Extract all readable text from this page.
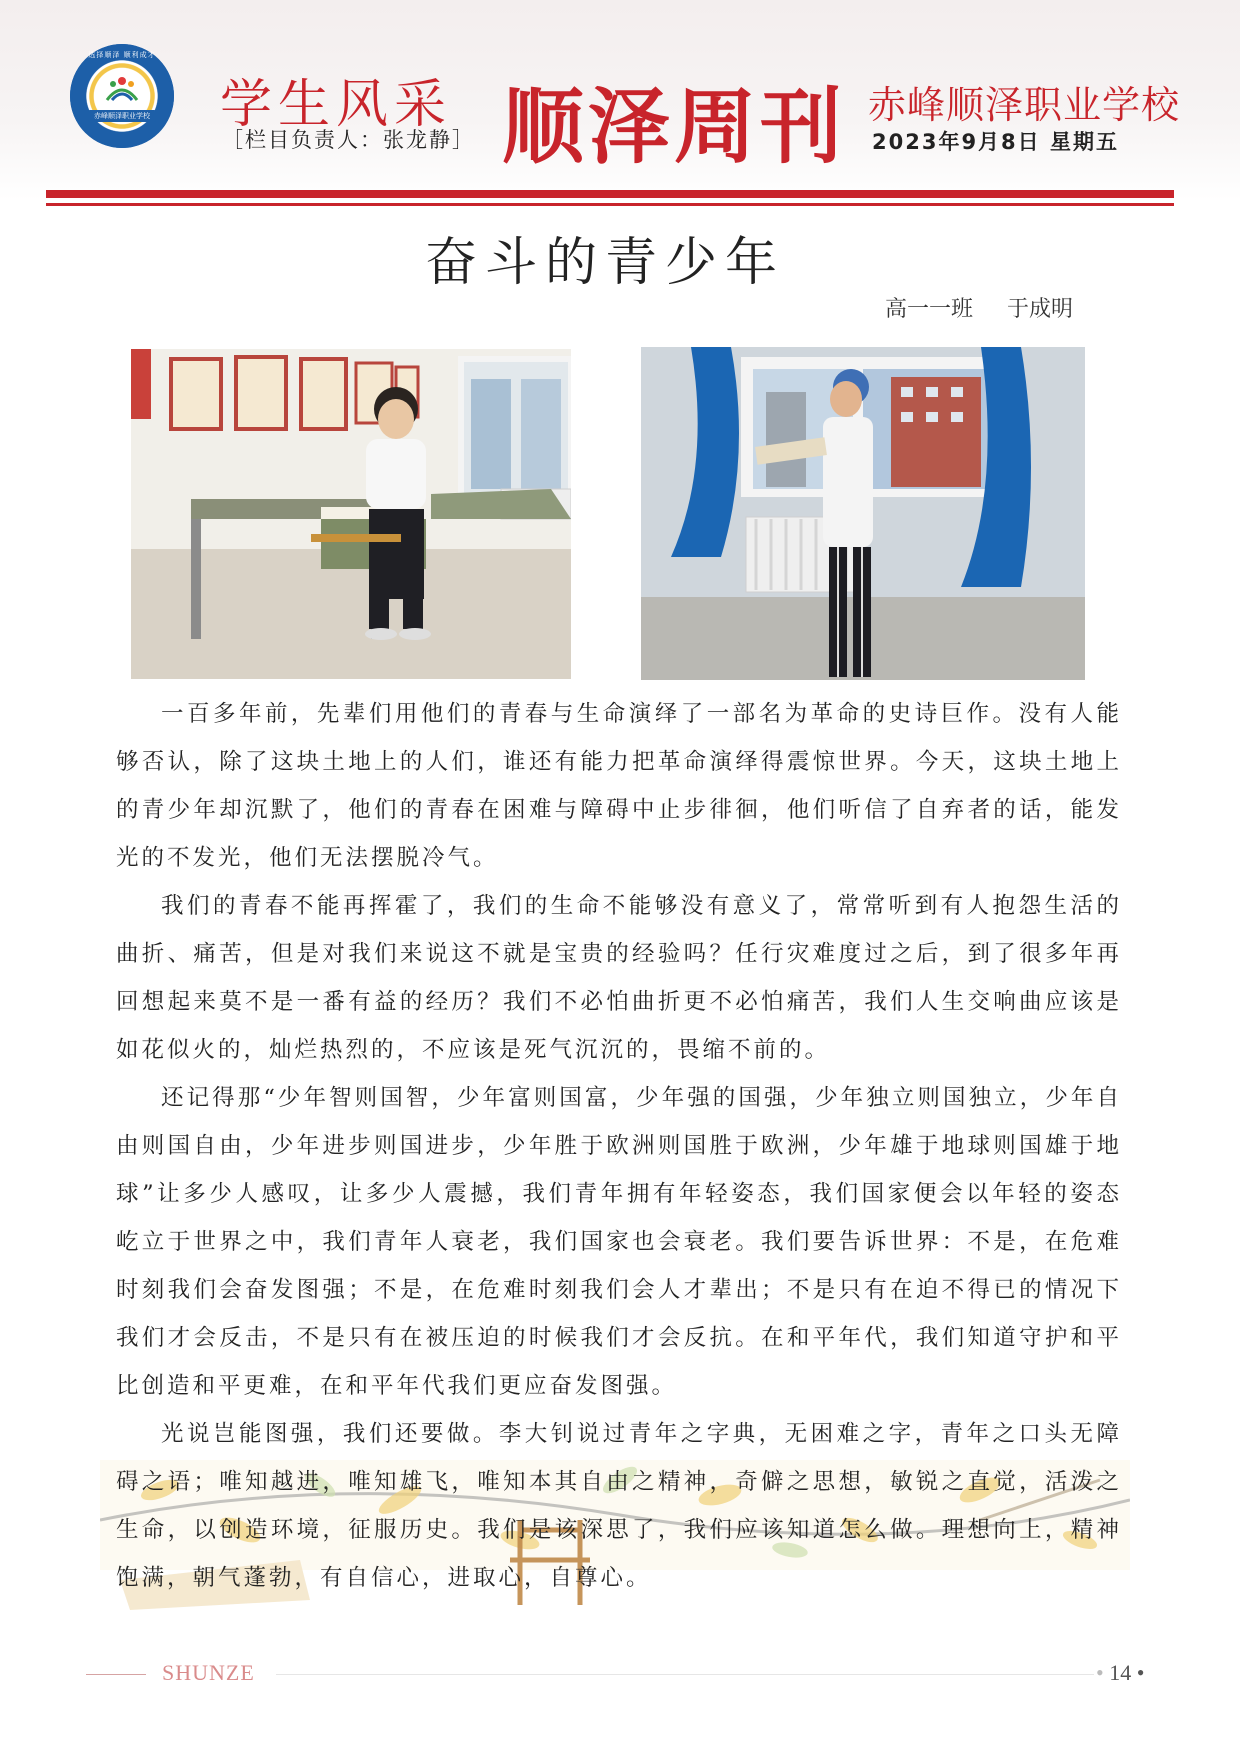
选择顺泽 顺利成才
赤峰顺泽职业学校 学生风采
［栏目负责人：张龙静］ 顺泽周刊 赤峰顺泽职业学校
2023年9月8日 星期五
奋斗的青少年
高一一班 于成明

一百多年前，先辈们用他们的青春与生命演绎了一部名为革命的史诗巨作。没有人能够否认，除了这块土地上的人们，谁还有能力把革命演绎得震惊世界。今天，这块土地上的青少年却沉默了，他们的青春在困难与障碍中止步徘徊，他们听信了自弃者的话，能发光的不发光，他们无法摆脱冷气。

我们的青春不能再挥霍了，我们的生命不能够没有意义了，常常听到有人抱怨生活的曲折、痛苦，但是对我们来说这不就是宝贵的经验吗？任行灾难度过之后，到了很多年再回想起来莫不是一番有益的经历？我们不必怕曲折更不必怕痛苦，我们人生交响曲应该是如花似火的，灿烂热烈的，不应该是死气沉沉的，畏缩不前的。

还记得那“少年智则国智，少年富则国富，少年强的国强，少年独立则国独立，少年自由则国自由，少年进步则国进步，少年胜于欧洲则国胜于欧洲，少年雄于地球则国雄于地球”让多少人感叹，让多少人震撼，我们青年拥有年轻姿态，我们国家便会以年轻的姿态屹立于世界之中，我们青年人衰老，我们国家也会衰老。我们要告诉世界：不是，在危难时刻我们会奋发图强；不是，在危难时刻我们会人才辈出；不是只有在迫不得已的情况下我们才会反击，不是只有在被压迫的时候我们才会反抗。在和平年代，我们知道守护和平比创造和平更难，在和平年代我们更应奋发图强。

光说岂能图强，我们还要做。李大钊说过青年之字典，无困难之字，青年之口头无障碍之语；唯知越进，唯知雄飞，唯知本其自由之精神，奇僻之思想，敏锐之直觉，活泼之生命，以创造环境，征服历史。我们是该深思了，我们应该知道怎么做。理想向上，精神饱满，朝气蓬勃，有自信心，进取心，自尊心。

SHUNZE	• 14 •
